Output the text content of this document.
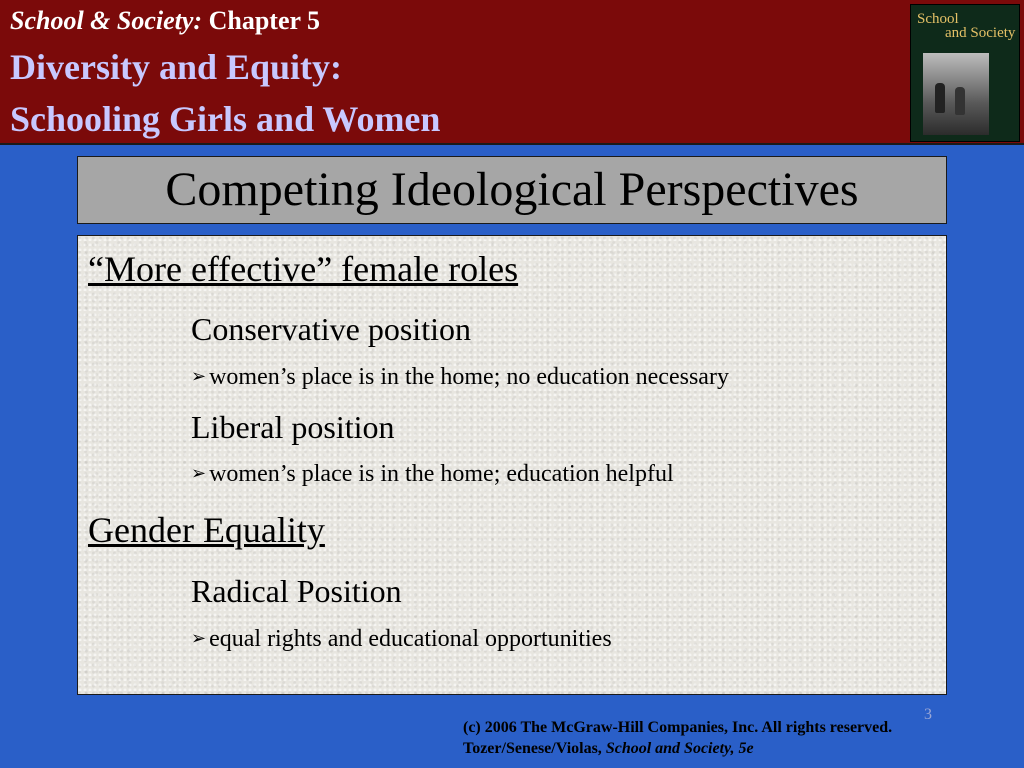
School & Society: Chapter 5
Diversity and Equity:
Schooling Girls and Women
School
and Society
Competing Ideological Perspectives
“More effective” female roles
Conservative position
➢ women’s place is in the home; no education necessary
Liberal position
➢ women’s place is in the home; education helpful
Gender Equality
Radical Position
➢ equal rights and educational opportunities
3
(c) 2006 The McGraw-Hill Companies, Inc. All rights reserved.
Tozer/Senese/Violas, School and Society, 5e
